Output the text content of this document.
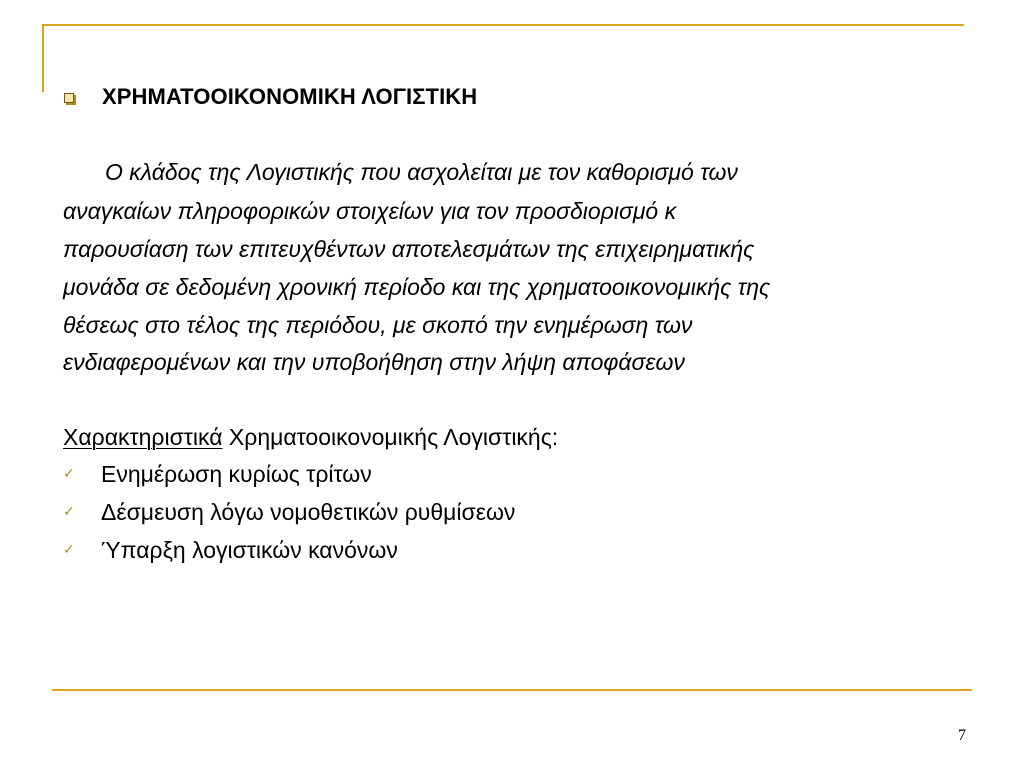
ΧΡΗΜΑΤΟΟΙΚΟΝΟΜΙΚΗ ΛΟΓΙΣΤΙΚΗ
Ο κλάδος της Λογιστικής που ασχολείται με τον καθορισμό των
αναγκαίων πληροφορικών στοιχείων για τον προσδιορισμό κ
παρουσίαση των επιτευχθέντων αποτελεσμάτων της επιχειρηματικής
μονάδα σε δεδομένη χρονική περίοδο και της χρηματοοικονομικής της
θέσεως στο τέλος της περιόδου, με σκοπό την ενημέρωση των
ενδιαφερομένων και την υποβοήθηση στην λήψη αποφάσεων
Χαρακτηριστικά Χρηματοοικονομικής Λογιστικής:
✓	Ενημέρωση κυρίως τρίτων
✓	Δέσμευση λόγω νομοθετικών ρυθμίσεων
✓	Ύπαρξη λογιστικών κανόνων
7
